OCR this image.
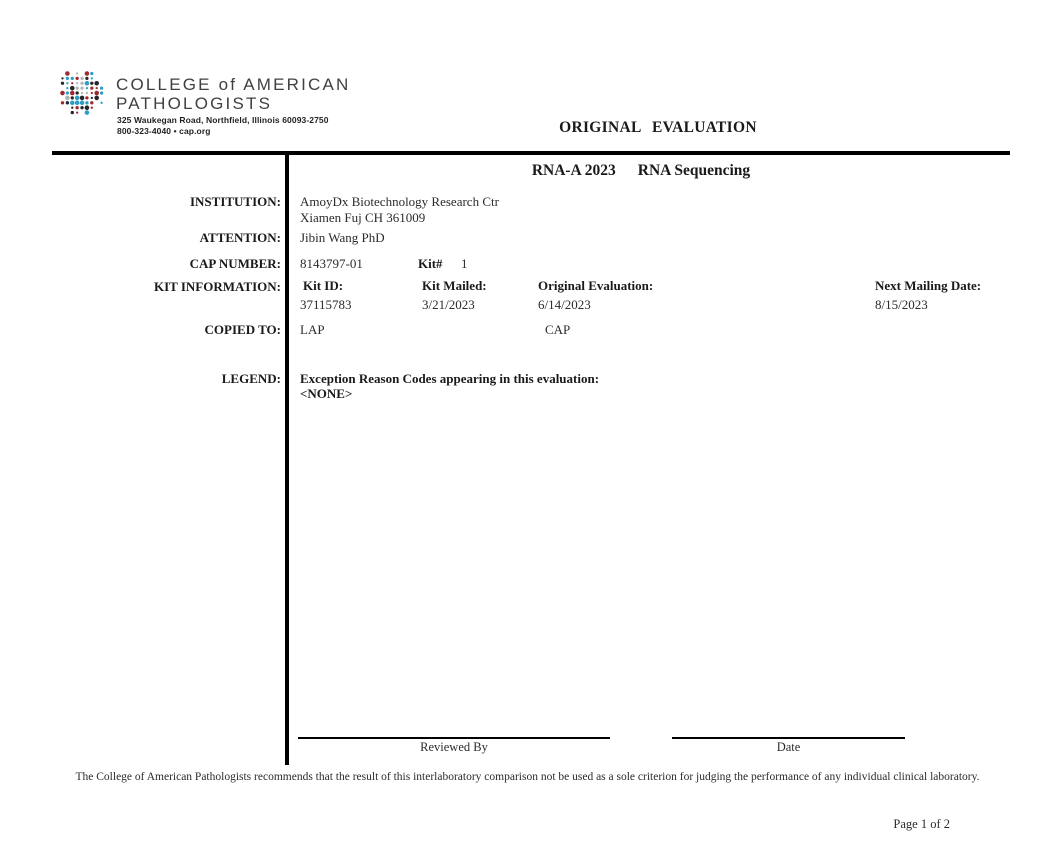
COLLEGE of AMERICAN
PATHOLOGISTS
325 Waukegan Road, Northfield, Illinois 60093-2750
800-323-4040 • cap.org	ORIGINAL EVALUATION
RNA-A 2023 RNA Sequencing
INSTITUTION: AmoyDx Biotechnology Research Ctr
Xiamen Fuj CH 361009
ATTENTION: Jibin Wang PhD
CAP NUMBER: 8143797-01	Kit# 1
KIT INFORMATION: Kit ID:	Kit Mailed:	Original Evaluation:	Next Mailing Date:
37115783	3/21/2023	6/14/2023	8/15/2023
COPIED TO: LAP	CAP
LEGEND: Exception Reason Codes appearing in this evaluation:
<NONE>
Reviewed By	Date
The College of American Pathologists recommends that the result of this interlaboratory comparison not be used as a sole criterion for judging the performance of any individual clinical laboratory.
Page 1 of 2
